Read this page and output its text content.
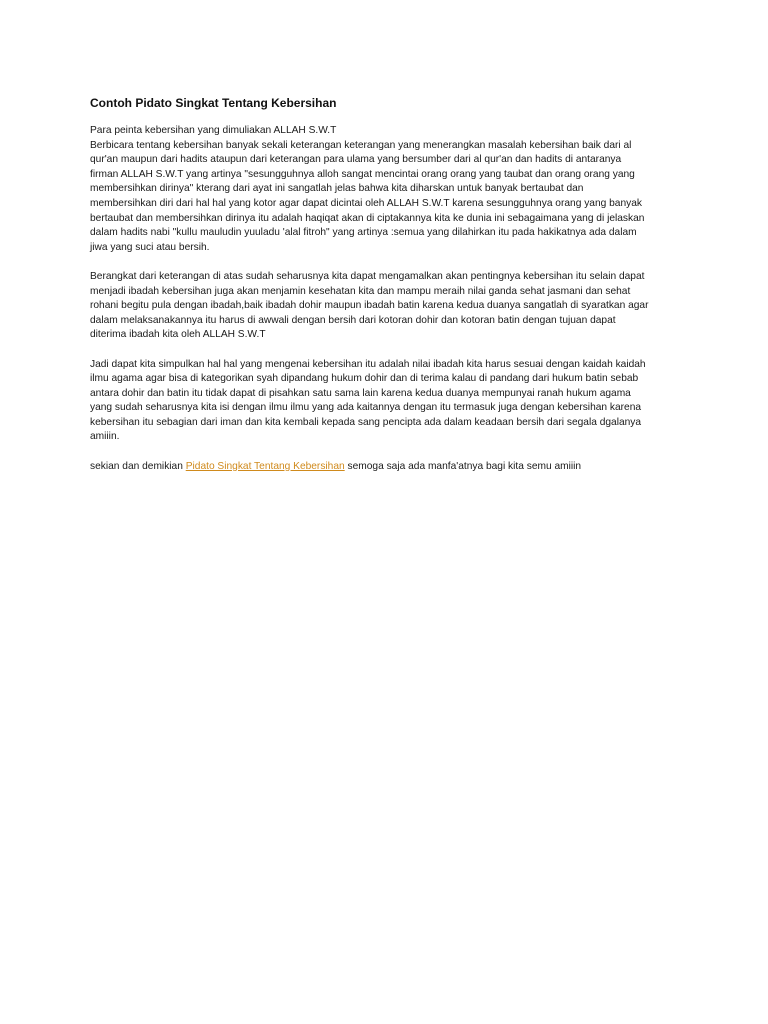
Contoh Pidato Singkat Tentang Kebersihan

Para peinta kebersihan yang dimuliakan ALLAH S.W.T
Berbicara tentang kebersihan banyak sekali keterangan keterangan yang menerangkan masalah kebersihan baik dari al
qur'an maupun dari hadits ataupun dari keterangan para ulama yang bersumber dari al qur'an dan hadits di antaranya
firman ALLAH S.W.T yang artinya "sesungguhnya alloh sangat mencintai orang orang yang taubat dan orang orang yang
membersihkan dirinya" kterang dari ayat ini sangatlah jelas bahwa kita diharskan untuk banyak bertaubat dan
membersihkan diri dari hal hal yang kotor agar dapat dicintai oleh ALLAH S.W.T karena sesungguhnya orang yang banyak
bertaubat dan membersihkan dirinya itu adalah haqiqat akan di ciptakannya kita ke dunia ini sebagaimana yang di jelaskan
dalam hadits nabi "kullu mauludin yuuladu 'alal fitroh" yang artinya :semua yang dilahirkan itu pada hakikatnya ada dalam
jiwa yang suci atau bersih.

Berangkat dari keterangan di atas sudah seharusnya kita dapat mengamalkan akan pentingnya kebersihan itu selain dapat
menjadi ibadah kebersihan juga akan menjamin kesehatan kita dan mampu meraih nilai ganda sehat jasmani dan sehat
rohani begitu pula dengan ibadah,baik ibadah dohir maupun ibadah batin karena kedua duanya sangatlah di syaratkan agar
dalam melaksanakannya itu harus di awwali dengan bersih dari kotoran dohir dan kotoran batin dengan tujuan dapat
diterima ibadah kita oleh ALLAH S.W.T

Jadi dapat kita simpulkan hal hal yang mengenai kebersihan itu adalah nilai ibadah kita harus sesuai dengan kaidah kaidah
ilmu agama agar bisa di kategorikan syah dipandang hukum dohir dan di terima kalau di pandang dari hukum batin sebab
antara dohir dan batin itu tidak dapat di pisahkan satu sama lain karena kedua duanya mempunyai ranah hukum agama
yang sudah seharusnya kita isi dengan ilmu ilmu yang ada kaitannya dengan itu termasuk juga dengan kebersihan karena
kebersihan itu sebagian dari iman dan kita kembali kepada sang pencipta ada dalam keadaan bersih dari segala dgalanya
amiiin.

sekian dan demikian Pidato Singkat Tentang Kebersihan semoga saja ada manfa'atnya bagi kita semu amiiin
